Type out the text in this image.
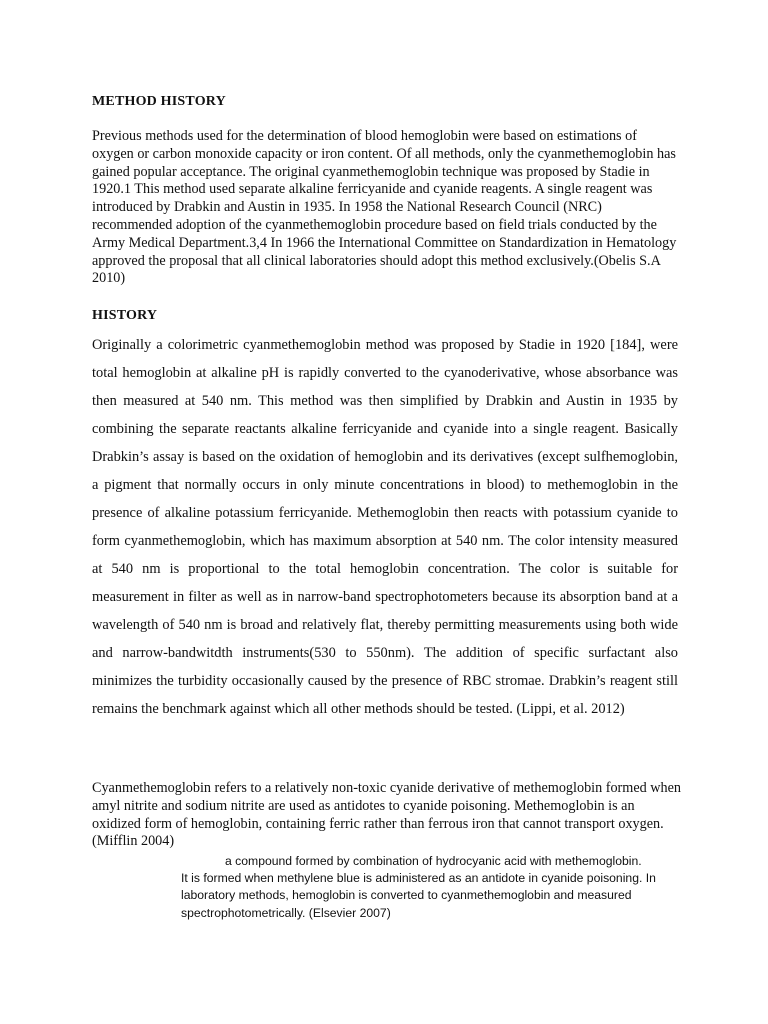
METHOD HISTORY

Previous methods used for the determination of blood hemoglobin were based on estimations of oxygen or carbon monoxide capacity or iron content. Of all methods, only the cyanmethemoglobin has gained popular acceptance. The original cyanmethemoglobin technique was proposed by Stadie in 1920.1 This method used separate alkaline ferricyanide and cyanide reagents. A single reagent was introduced by Drabkin and Austin in 1935. In 1958 the National Research Council (NRC) recommended adoption of the cyanmethemoglobin procedure based on field trials conducted by the Army Medical Department.3,4 In 1966 the International Committee on Standardization in Hematology approved the proposal that all clinical laboratories should adopt this method exclusively.(Obelis S.A 2010)

HISTORY

Originally a colorimetric cyanmethemoglobin method was proposed by Stadie in 1920 [184], were total hemoglobin at alkaline pH is rapidly converted to the cyanoderivative, whose absorbance was then measured at 540 nm. This method was then simplified by Drabkin and Austin in 1935 by combining the separate reactants alkaline ferricyanide and cyanide into a single reagent. Basically Drabkin’s assay is based on the oxidation of hemoglobin and its derivatives (except sulfhemoglobin, a pigment that normally occurs in only minute concentrations in blood) to methemoglobin in the presence of alkaline potassium ferricyanide. Methemoglobin then reacts with potassium cyanide to form cyanmethemoglobin, which has maximum absorption at 540 nm. The color intensity measured at 540 nm is proportional to the total hemoglobin concentration. The color is suitable for measurement in filter as well as in narrow-band spectrophotometers because its absorption band at a wavelength of 540 nm is broad and relatively flat, thereby permitting measurements using both wide and narrow-bandwitdth instruments(530 to 550nm). The addition of specific surfactant also minimizes the turbidity occasionally caused by the presence of RBC stromae. Drabkin’s reagent still remains the benchmark against which all other methods should be tested. (Lippi, et al. 2012)

Cyanmethemoglobin refers to a relatively non-toxic cyanide derivative of methemoglobin formed when amyl nitrite and sodium nitrite are used as antidotes to cyanide poisoning. Methemoglobin is an oxidized form of hemoglobin, containing ferric rather than ferrous iron that cannot transport oxygen. (Mifflin 2004)

a compound formed by combination of hydrocyanic acid with methemoglobin.
It is formed when methylene blue is administered as an antidote in cyanide poisoning. In laboratory methods, hemoglobin is converted to cyanmethemoglobin and measured spectrophotometrically. (Elsevier 2007)
